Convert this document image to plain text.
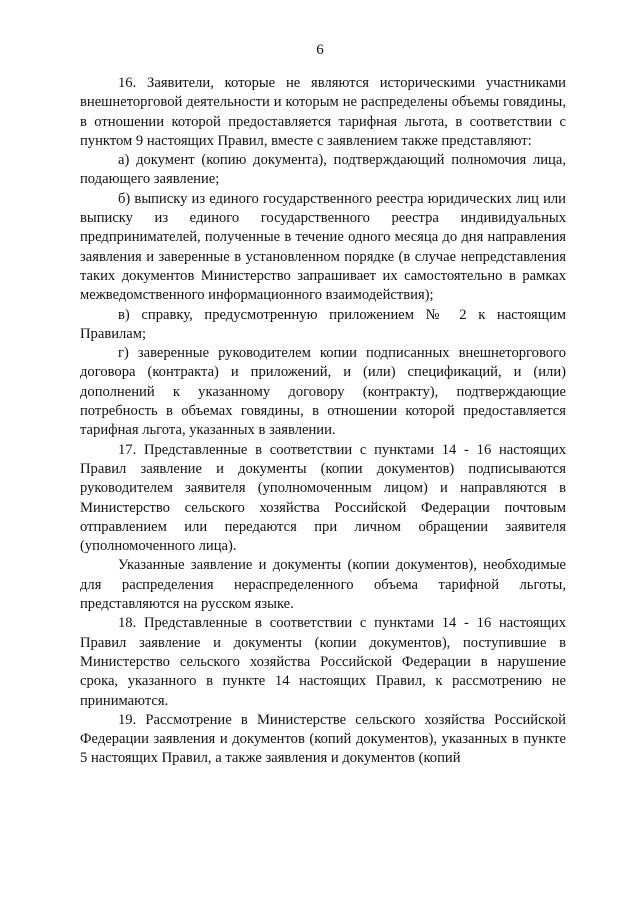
6

16. Заявители, которые не являются историческими участниками внешнеторговой деятельности и которым не распределены объемы говядины, в отношении которой предоставляется тарифная льгота, в соответствии с пунктом 9 настоящих Правил, вместе с заявлением также представляют:

а) документ (копию документа), подтверждающий полномочия лица, подающего заявление;

б) выписку из единого государственного реестра юридических лиц или выписку из единого государственного реестра индивидуальных предпринимателей, полученные в течение одного месяца до дня направления заявления и заверенные в установленном порядке (в случае непредставления таких документов Министерство запрашивает их самостоятельно в рамках межведомственного информационного взаимодействия);

в) справку, предусмотренную приложением № 2 к настоящим Правилам;

г) заверенные руководителем копии подписанных внешнеторгового договора (контракта) и приложений, и (или) спецификаций, и (или) дополнений к указанному договору (контракту), подтверждающие потребность в объемах говядины, в отношении которой предоставляется тарифная льгота, указанных в заявлении.

17. Представленные в соответствии с пунктами 14 - 16 настоящих Правил заявление и документы (копии документов) подписываются руководителем заявителя (уполномоченным лицом) и направляются в Министерство сельского хозяйства Российской Федерации почтовым отправлением или передаются при личном обращении заявителя (уполномоченного лица).

Указанные заявление и документы (копии документов), необходимые для распределения нераспределенного объема тарифной льготы, представляются на русском языке.

18. Представленные в соответствии с пунктами 14 - 16 настоящих Правил заявление и документы (копии документов), поступившие в Министерство сельского хозяйства Российской Федерации в нарушение срока, указанного в пункте 14 настоящих Правил, к рассмотрению не принимаются.

19. Рассмотрение в Министерстве сельского хозяйства Российской Федерации заявления и документов (копий документов), указанных в пункте 5 настоящих Правил, а также заявления и документов (копий
